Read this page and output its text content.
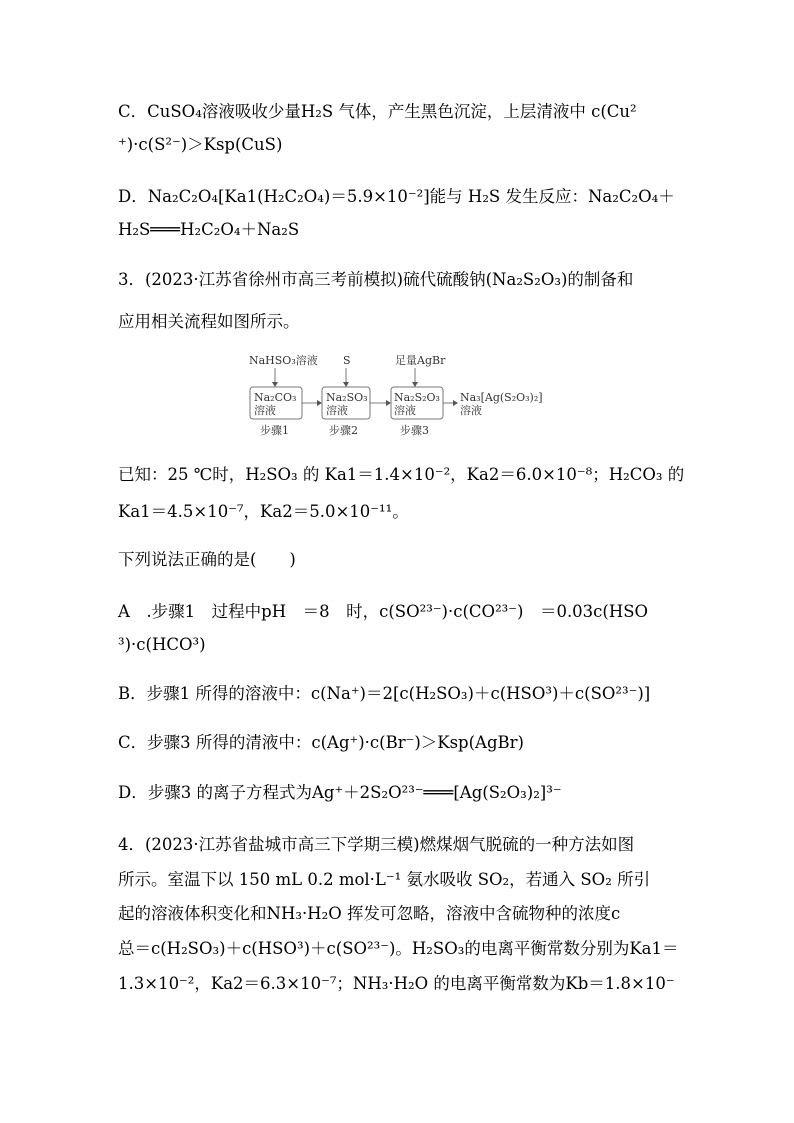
C．CuSO₄溶液吸收少量H₂S 气体，产生黑色沉淀，上层清液中 c(Cu²
⁺)·c(S²⁻)＞Ksp(CuS)
D．Na₂C₂O₄[Ka1(H₂C₂O₄)＝5.9×10⁻²]能与 H₂S 发生反应：Na₂C₂O₄＋
H₂S═══H₂C₂O₄＋Na₂S
3．(2023·江苏省徐州市高三考前模拟)硫代硫酸钠(Na₂S₂O₃)的制备和
应用相关流程如图所示。
NaHSO₃溶液 S	足量AgBr
Na₂CO₃
溶液
Na₂SO₃
溶液
Na₂S₂O₃
溶液
Na₃[Ag(S₂O₃)₂]
溶液
步骤1	步骤2	步骤3
已知：25 ℃时，H₂SO₃ 的 Ka1＝1.4×10⁻²，Ka2＝6.0×10⁻⁸；H₂CO₃ 的
Ka1＝4.5×10⁻⁷，Ka2＝5.0×10⁻¹¹。
下列说法正确的是(　　)
A　.步骤1　过程中pH　＝8　时，c(SO²³⁻)·c(CO²³⁻)　＝0.03c(HSO
³)·c(HCO³)
B．步骤1 所得的溶液中：c(Na⁺)＝2[c(H₂SO₃)＋c(HSO³)＋c(SO²³⁻)]
C．步骤3 所得的清液中：c(Ag⁺)·c(Br⁻)＞Ksp(AgBr)
D．步骤3 的离子方程式为Ag⁺＋2S₂O²³⁻═══[Ag(S₂O₃)₂]³⁻
4．(2023·江苏省盐城市高三下学期三模)燃煤烟气脱硫的一种方法如图
所示。室温下以 150 mL 0.2 mol·L⁻¹ 氨水吸收 SO₂，若通入 SO₂ 所引
起的溶液体积变化和NH₃·H₂O 挥发可忽略，溶液中含硫物种的浓度c
总＝c(H₂SO₃)＋c(HSO³)＋c(SO²³⁻)。H₂SO₃的电离平衡常数分别为Ka1＝
1.3×10⁻²，Ka2＝6.3×10⁻⁷；NH₃·H₂O 的电离平衡常数为Kb＝1.8×10⁻
